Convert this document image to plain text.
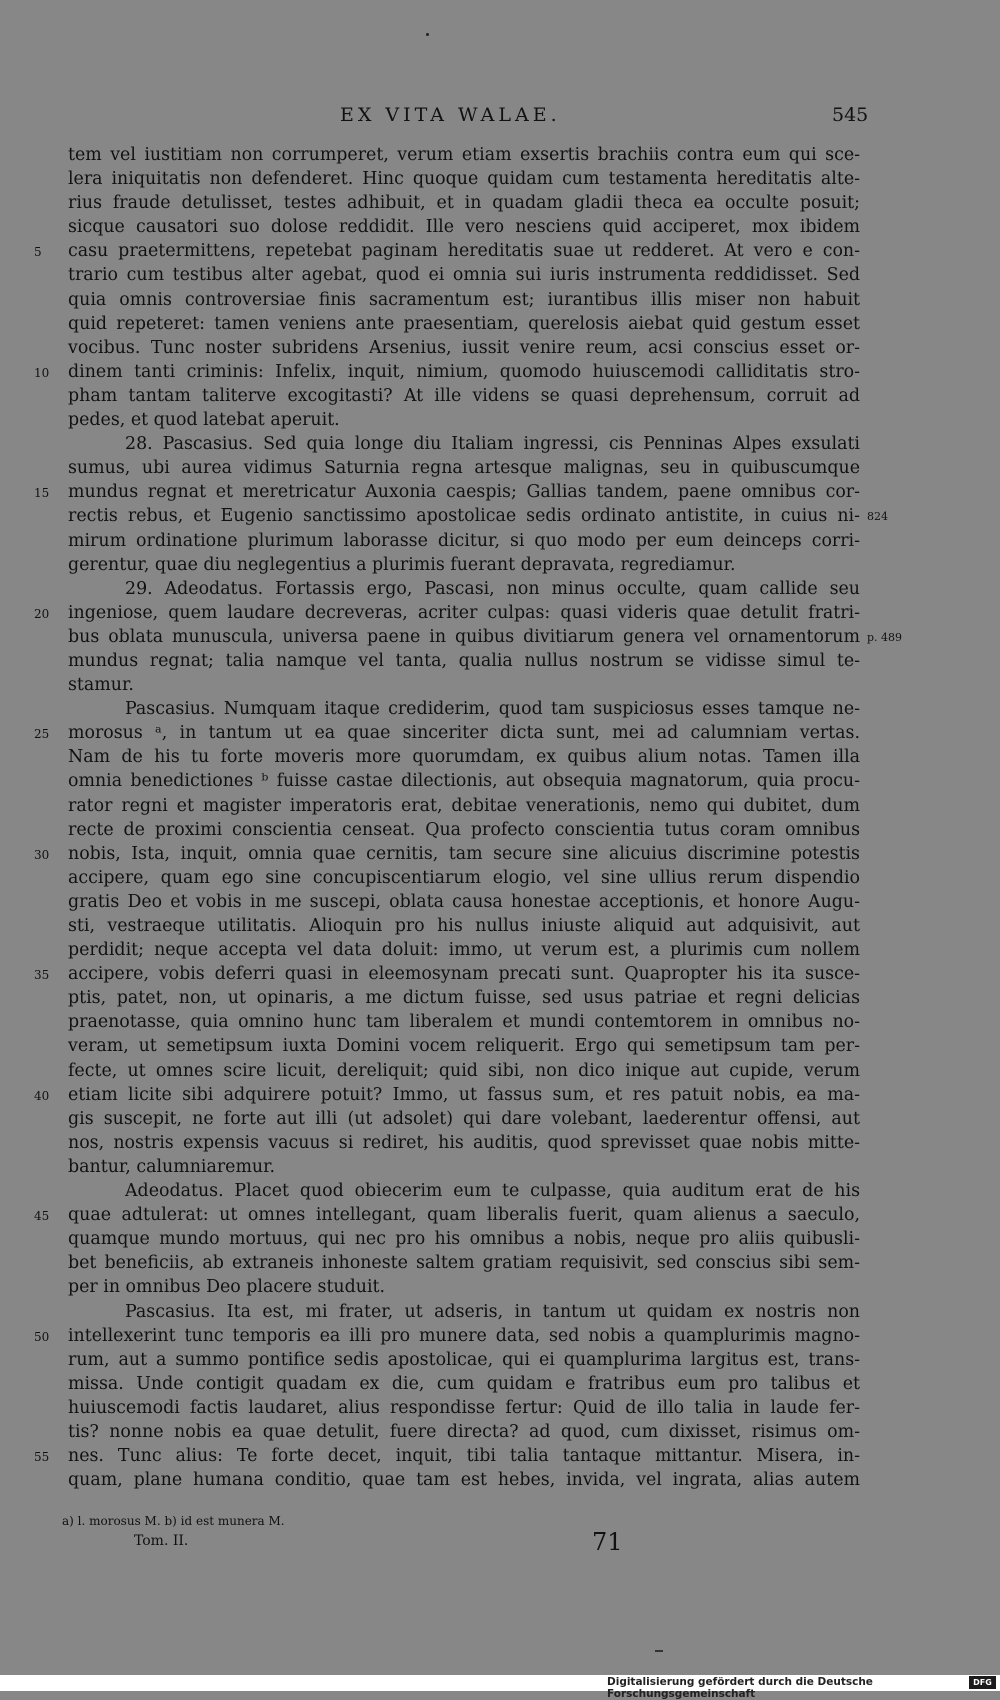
EX VITA WALAE.	545
tem vel iustitiam non corrumperet, verum etiam exsertis brachiis contra eum qui sce-
lera iniquitatis non defenderet. Hinc quoque quidam cum testamenta hereditatis alte-
rius fraude detulisset, testes adhibuit, et in quadam gladii theca ea occulte posuit;
sicque causatori suo dolose reddidit. Ille vero nesciens quid acciperet, mox ibidem
5	casu praetermittens, repetebat paginam hereditatis suae ut redderet. At vero e con-
trario cum testibus alter agebat, quod ei omnia sui iuris instrumenta reddidisset. Sed
quia omnis controversiae finis sacramentum est; iurantibus illis miser non habuit
quid repeteret: tamen veniens ante praesentiam, querelosis aiebat quid gestum esset
vocibus. Tunc noster subridens Arsenius, iussit venire reum, acsi conscius esset or-
10	dinem tanti criminis: Infelix, inquit, nimium, quomodo huiuscemodi calliditatis stro-
pham tantam taliterve excogitasti? At ille videns se quasi deprehensum, corruit ad
pedes, et quod latebat aperuit.
28. Pascasius. Sed quia longe diu Italiam ingressi, cis Penninas Alpes exsulati
sumus, ubi aurea vidimus Saturnia regna artesque malignas, seu in quibuscumque
15	mundus regnat et meretricatur Auxonia caespis; Gallias tandem, paene omnibus cor-
rectis rebus, et Eugenio sanctissimo apostolicae sedis ordinato antistite, in cuius ni- 824
mirum ordinatione plurimum laborasse dicitur, si quo modo per eum deinceps corri-
gerentur, quae diu neglegentius a plurimis fuerant depravata, regrediamur.
29. Adeodatus. Fortassis ergo, Pascasi, non minus occulte, quam callide seu
20	ingeniose, quem laudare decreveras, acriter culpas: quasi videris quae detulit fratri-
bus oblata munuscula, universa paene in quibus divitiarum genera vel ornamentorum p. 489
mundus regnat; talia namque vel tanta, qualia nullus nostrum se vidisse simul te-
stamur.
Pascasius. Numquam itaque crediderim, quod tam suspiciosus esses tamque ne-
25	morosus ᵃ, in tantum ut ea quae sinceriter dicta sunt, mei ad calumniam vertas.
Nam de his tu forte moveris more quorumdam, ex quibus alium notas. Tamen illa
omnia benedictiones ᵇ fuisse castae dilectionis, aut obsequia magnatorum, quia procu-
rator regni et magister imperatoris erat, debitae venerationis, nemo qui dubitet, dum
recte de proximi conscientia censeat. Qua profecto conscientia tutus coram omnibus
30	nobis, Ista, inquit, omnia quae cernitis, tam secure sine alicuius discrimine potestis
accipere, quam ego sine concupiscentiarum elogio, vel sine ullius rerum dispendio
gratis Deo et vobis in me suscepi, oblata causa honestae acceptionis, et honore Augu-
sti, vestraeque utilitatis. Alioquin pro his nullus iniuste aliquid aut adquisivit, aut
perdidit; neque accepta vel data doluit: immo, ut verum est, a plurimis cum nollem
35	accipere, vobis deferri quasi in eleemosynam precati sunt. Quapropter his ita susce-
ptis, patet, non, ut opinaris, a me dictum fuisse, sed usus patriae et regni delicias
praenotasse, quia omnino hunc tam liberalem et mundi contemtorem in omnibus no-
veram, ut semetipsum iuxta Domini vocem reliquerit. Ergo qui semetipsum tam per-
fecte, ut omnes scire licuit, dereliquit; quid sibi, non dico inique aut cupide, verum
40	etiam licite sibi adquirere potuit? Immo, ut fassus sum, et res patuit nobis, ea ma-
gis suscepit, ne forte aut illi (ut adsolet) qui dare volebant, laederentur offensi, aut
nos, nostris expensis vacuus si rediret, his auditis, quod sprevisset quae nobis mitte-
bantur, calumniaremur.
Adeodatus. Placet quod obiecerim eum te culpasse, quia auditum erat de his
45	quae adtulerat: ut omnes intellegant, quam liberalis fuerit, quam alienus a saeculo,
quamque mundo mortuus, qui nec pro his omnibus a nobis, neque pro aliis quibusli-
bet beneficiis, ab extraneis inhoneste saltem gratiam requisivit, sed conscius sibi sem-
per in omnibus Deo placere studuit.
Pascasius. Ita est, mi frater, ut adseris, in tantum ut quidam ex nostris non
50	intellexerint tunc temporis ea illi pro munere data, sed nobis a quamplurimis magno-
rum, aut a summo pontifice sedis apostolicae, qui ei quamplurima largitus est, trans-
missa. Unde contigit quadam ex die, cum quidam e fratribus eum pro talibus et
huiuscemodi factis laudaret, alius respondisse fertur: Quid de illo talia in laude fer-
tis? nonne nobis ea quae detulit, fuere directa? ad quod, cum dixisset, risimus om-
55	nes. Tunc alius: Te forte decet, inquit, tibi talia tantaque mittantur. Misera, in-
quam, plane humana conditio, quae tam est hebes, invida, vel ingrata, alias autem
a) l. morosus M. b) id est munera M.
Tom. II.	71
Digitalisierung gefördert durch die Deutsche Forschungsgemeinschaft
DFG
